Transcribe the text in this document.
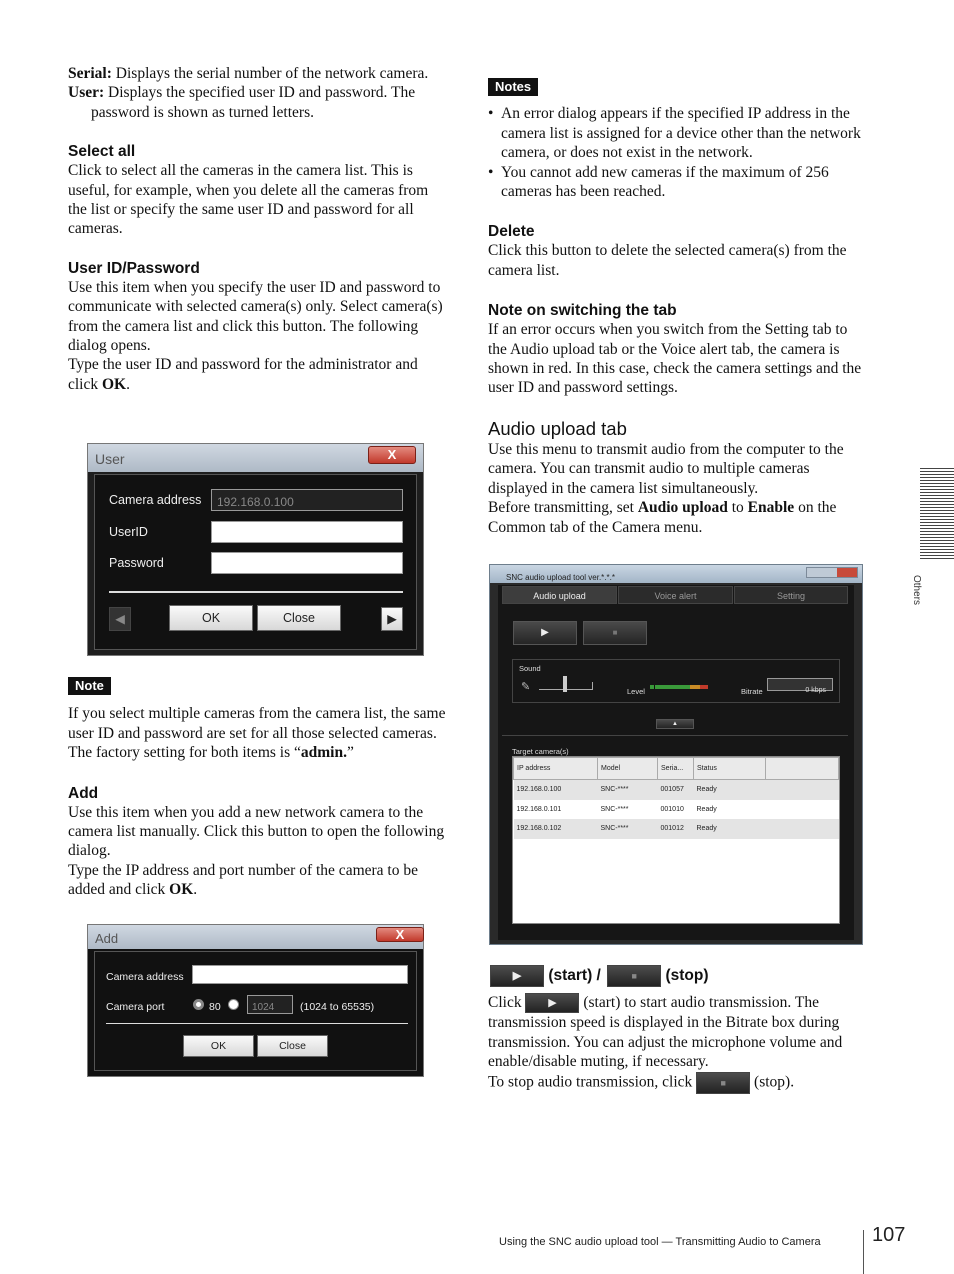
Serial: Displays the serial number of the network camera.

User: Displays the specified user ID and password. The password is shown as turned letters.

Select all

Click to select all the cameras in the camera list. This is useful, for example, when you delete all the cameras from the list or specify the same user ID and password for all cameras.

User ID/Password

Use this item when you specify the user ID and password to communicate with selected camera(s) only. Select camera(s) from the camera list and click this button. The following dialog opens.

Type the user ID and password for the administrator and click OK.

User	X
Camera address	192.168.0.100
UserID
Password
◀	OK	Close	▶
Note

If you select multiple cameras from the camera list, the same user ID and password are set for all those selected cameras. The factory setting for both items is “admin.”

Add

Use this item when you add a new network camera to the camera list manually. Click this button to open the following dialog.

Type the IP address and port number of the camera to be added and click OK.

Add	X
Camera address
Camera port	80	1024	(1024 to 65535)
OK	Close
Notes
• An error dialog appears if the specified IP address in the camera list is assigned for a device other than the network camera, or does not exist in the network.
• You cannot add new cameras if the maximum of 256 cameras has been reached.
Delete

Click this button to delete the selected camera(s) from the camera list.

Note on switching the tab

If an error occurs when you switch from the Setting tab to the Audio upload tab or the Voice alert tab, the camera is shown in red. In this case, check the camera settings and the user ID and password settings.

Audio upload tab

Use this menu to transmit audio from the computer to the camera. You can transmit audio to multiple cameras displayed in the camera list simultaneously.

Before transmitting, set Audio upload to Enable on the Common tab of the Camera menu.

SNC audio upload tool ver.*.*.*
Audio upload	Voice alert	Setting
▶	■
Sound
✎	Level	Bitrate	0 kbps
▲
Target camera(s)
IP address	Model	Seria...	Status	
192.168.0.100	SNC-****	001057	Ready	
192.168.0.101	SNC-****	001010	Ready	
192.168.0.102	SNC-****	001012	Ready	
▶ (start) /	■ (stop)

Click ▶ (start) to start audio transmission. The transmission speed is displayed in the Bitrate box during transmission. You can adjust the microphone volume and enable/disable muting, if necessary.

To stop audio transmission, click	■ (stop).

Others
Using the SNC audio upload tool — Transmitting Audio to Camera	107
